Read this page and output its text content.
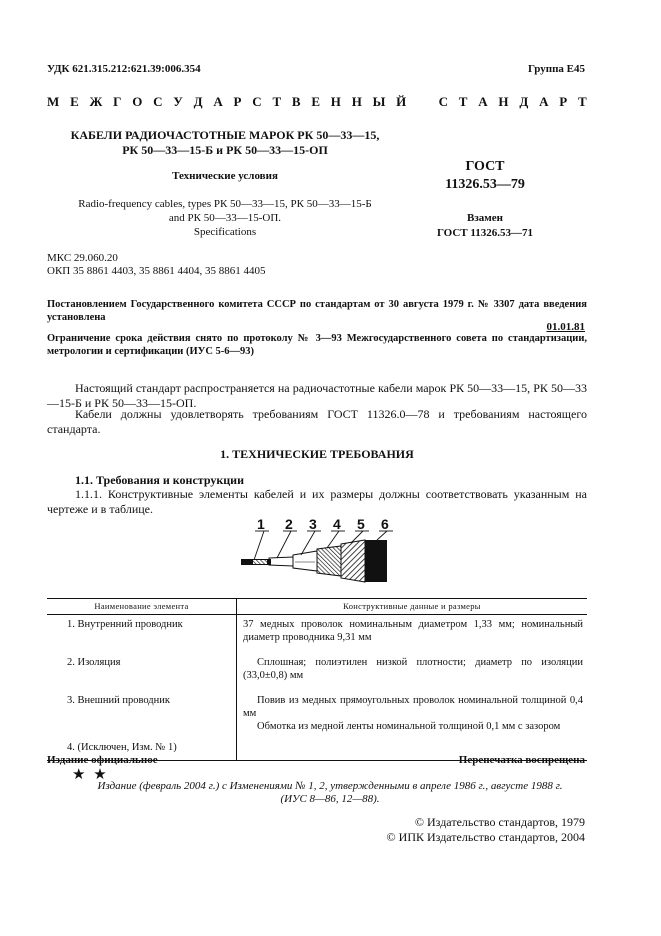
УДК 621.315.212:621.39:006.354	Группа Е45
М Е Ж Г О С У Д А Р С Т В Е Н Н Ы Й С Т А Н Д А Р Т
КАБЕЛИ РАДИОЧАСТОТНЫЕ МАРОК РК 50—33—15,
РК 50—33—15-Б и РК 50—33—15-ОП
Технические условия
Radio-frequency cables, types РК 50—33—15, РК 50—33—15-Б
and РК 50—33—15-ОП.
Specifications
ГОСТ
11326.53—79
Взамен
ГОСТ 11326.53—71
МКС 29.060.20
ОКП 35 8861 4403, 35 8861 4404, 35 8861 4405
Постановлением Государственного комитета СССР по стандартам от 30 августа 1979 г. № 3307 дата введения установлена
01.01.81
Ограничение срока действия снято по протоколу № 3—93 Межгосударственного совета по стандартизации, метрологии и сертификации (ИУС 5-6—93)
Настоящий стандарт распространяется на радиочастотные кабели марок РК 50—33—15, РК 50—33—15-Б и РК 50—33—15-ОП.
Кабели должны удовлетворять требованиям ГОСТ 11326.0—78 и требованиям настоящего стандарта.
1. ТЕХНИЧЕСКИЕ ТРЕБОВАНИЯ
1.1. Требования и конструкции
1.1.1. Конструктивные элементы кабелей и их размеры должны соответствовать указанным на чертеже и в таблице.
1 2 3 4 5 6
Наименование элемента	Конструктивные данные и размеры
1. Внутренний проводник	37 медных проволок номинальным диаметром 1,33 мм; номинальный диаметр проводника 9,31 мм
2. Изоляция	Сплошная; полиэтилен низкой плотности; диаметр по изоляции (33,0±0,8) мм
3. Внешний проводник	Повив из медных прямоугольных проволок номинальной толщиной 0,4 мм
Обмотка из медной ленты номинальной толщиной 0,1 мм с зазором

4. (Исключен, Изм. № 1)	
Издание официальное	Перепечатка воспрещена
★ ★
Издание (февраль 2004 г.) с Изменениями № 1, 2, утвержденными в апреле 1986 г., августе 1988 г.
(ИУС 8—86, 12—88).
© Издательство стандартов, 1979
© ИПК Издательство стандартов, 2004
